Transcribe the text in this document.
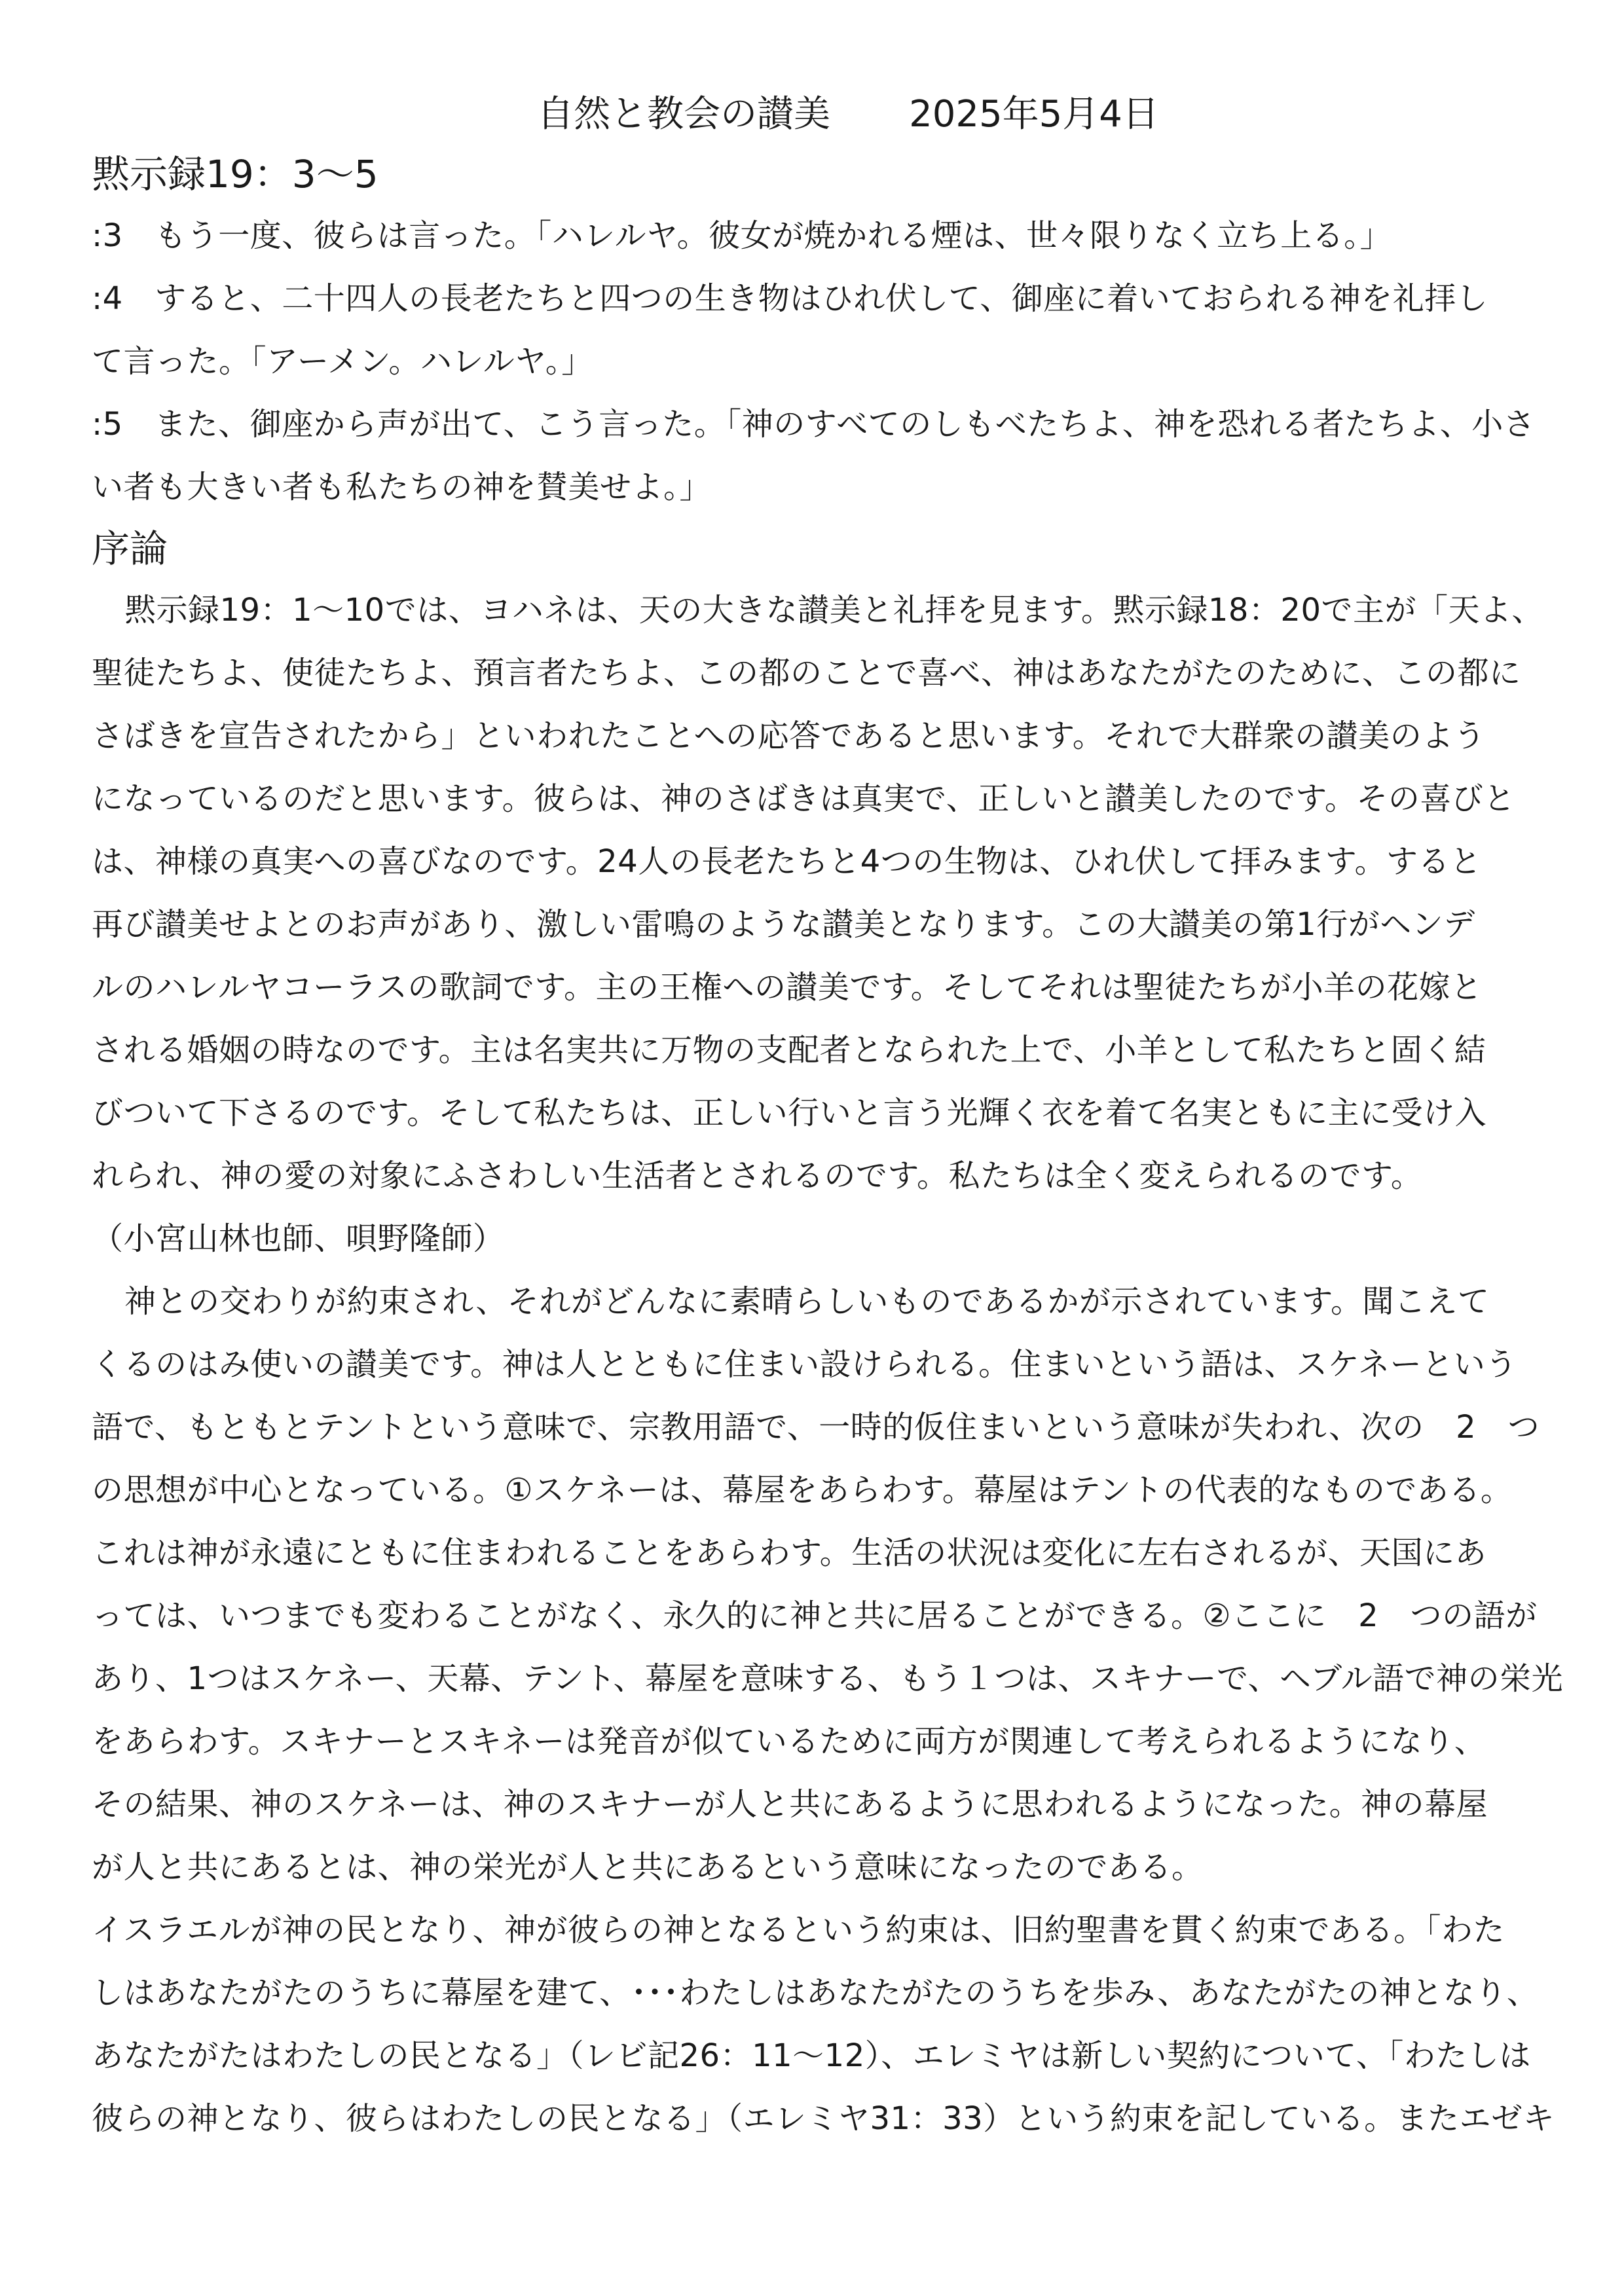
自然と教会の讃美 2025年5月4日
黙示録19：3～5
:3　もう一度、彼らは言った。「ハレルヤ。彼女が焼かれる煙は、世々限りなく立ち上る。」
:4　すると、二十四人の長老たちと四つの生き物はひれ伏して、御座に着いておられる神を礼拝し
て言った。「アーメン。ハレルヤ。」
:5　また、御座から声が出て、こう言った。「神のすべてのしもべたちよ、神を恐れる者たちよ、小さ
い者も大きい者も私たちの神を賛美せよ。」
序論
黙示録19：1～10では、ヨハネは、天の大きな讃美と礼拝を見ます。黙示録18：20で主が「天よ、
聖徒たちよ、使徒たちよ、預言者たちよ、この都のことで喜べ、神はあなたがたのために、この都に
さばきを宣告されたから」といわれたことへの応答であると思います。それで大群衆の讃美のよう
になっているのだと思います。彼らは、神のさばきは真実で、正しいと讃美したのです。その喜びと
は、神様の真実への喜びなのです。24人の長老たちと4つの生物は、ひれ伏して拝みます。すると
再び讃美せよとのお声があり、激しい雷鳴のような讃美となります。この大讃美の第1行がヘンデ
ルのハレルヤコーラスの歌詞です。主の王権への讃美です。そしてそれは聖徒たちが小羊の花嫁と
される婚姻の時なのです。主は名実共に万物の支配者となられた上で、小羊として私たちと固く結
びついて下さるのです。そして私たちは、正しい行いと言う光輝く衣を着て名実ともに主に受け入
れられ、神の愛の対象にふさわしい生活者とされるのです。私たちは全く変えられるのです。
（小宮山林也師、唄野隆師）
神との交わりが約束され、それがどんなに素晴らしいものであるかが示されています。聞こえて
くるのはみ使いの讃美です。神は人とともに住まい設けられる。住まいという語は、スケネーという
語で、もともとテントという意味で、宗教用語で、一時的仮住まいという意味が失われ、次の　2　つ
の思想が中心となっている。①スケネーは、幕屋をあらわす。幕屋はテントの代表的なものである。
これは神が永遠にともに住まわれることをあらわす。生活の状況は変化に左右されるが、天国にあ
っては、いつまでも変わることがなく、永久的に神と共に居ることができる。②ここに　2　つの語が
あり、1つはスケネー、天幕、テント、幕屋を意味する、もう１つは、スキナーで、ヘブル語で神の栄光
をあらわす。スキナーとスキネーは発音が似ているために両方が関連して考えられるようになり、
その結果、神のスケネーは、神のスキナーが人と共にあるように思われるようになった。神の幕屋
が人と共にあるとは、神の栄光が人と共にあるという意味になったのである。
イスラエルが神の民となり、神が彼らの神となるという約束は、旧約聖書を貫く約束である。「わた
しはあなたがたのうちに幕屋を建て、･･･わたしはあなたがたのうちを歩み、あなたがたの神となり、
あなたがたはわたしの民となる」（レビ記26：11～12）、エレミヤは新しい契約について、「わたしは
彼らの神となり、彼らはわたしの民となる」（エレミヤ31：33）という約束を記している。またエゼキ
